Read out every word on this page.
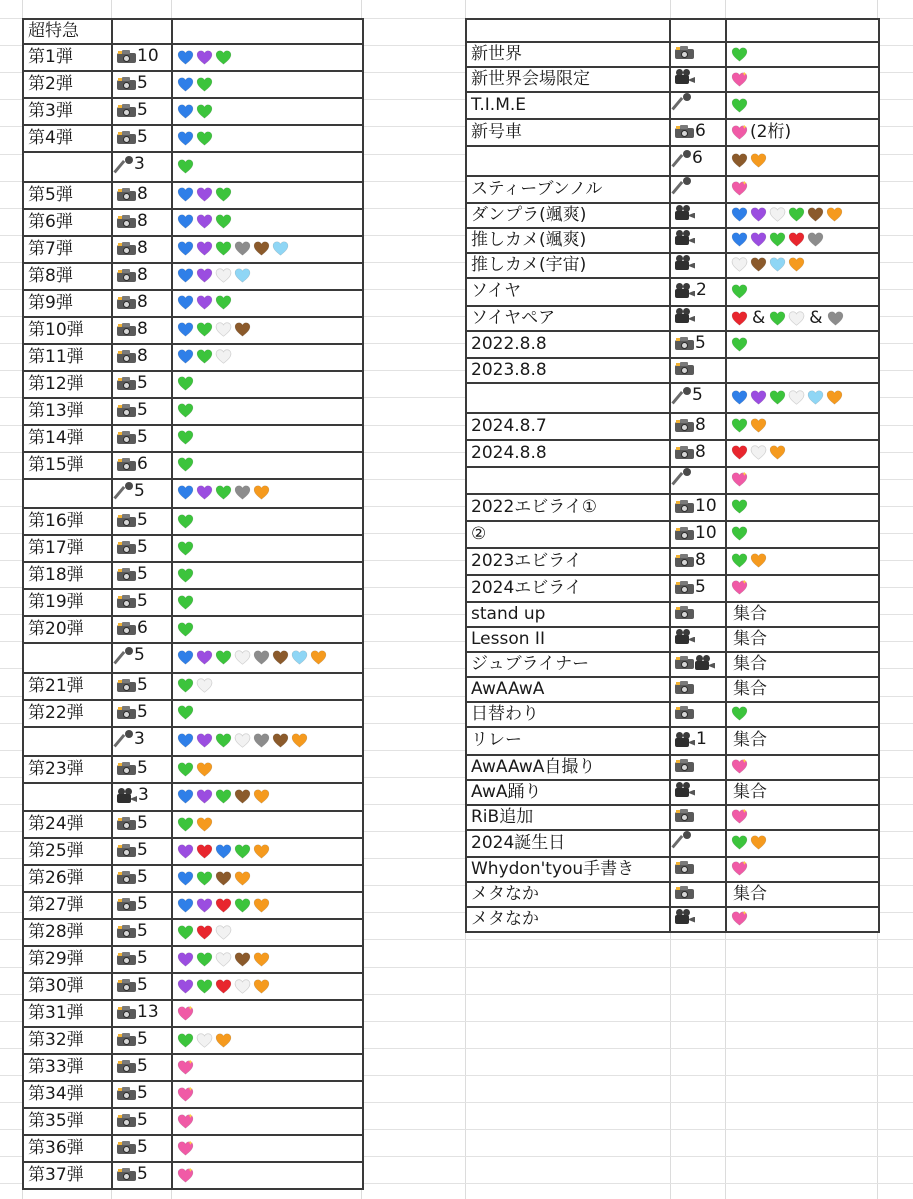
超特急		
第1弾	10

第2弾	5

第3弾	5

第4弾	5

	3

第5弾	8

第6弾	8

第7弾	8

第8弾	8

第9弾	8

第10弾	8

第11弾	8

第12弾	5

第13弾	5

第14弾	5

第15弾	6

	5

第16弾	5

第17弾	5

第18弾	5

第19弾	5

第20弾	6

	5

第21弾	5

第22弾	5

	3

第23弾	5

	3

第24弾	5

第25弾	5

第26弾	5

第27弾	5

第28弾	5

第29弾	5

第30弾	5

第31弾	13

第32弾	5

第33弾	5

第34弾	5

第35弾	5

第36弾	5

第37弾	5

新世界	

新世界会場限定	

T.I.M.E	

新号車	6	(2桁)

	6

スティーブンノル	

ダンプラ(颯爽)	

推しカメ(颯爽)	

推しカメ(宇宙)	

ソイヤ	2

ソイヤペア		& &

2022.8.8	5

2023.8.8	

	5

2024.8.7	8

2024.8.8	8

2022エビライ①	10

②	10

2023エビライ	8

2024エビライ	5

stand up		集合
Lesson II		集合
ジュブライナー		集合
AwAAwA		集合
日替わり	

リレー	1	集合
AwAAwA自撮り	

AwA踊り		集合
RiB追加	

2024誕生日	

Whydon'tyou手書き	

メタなか		集合
メタなか	
